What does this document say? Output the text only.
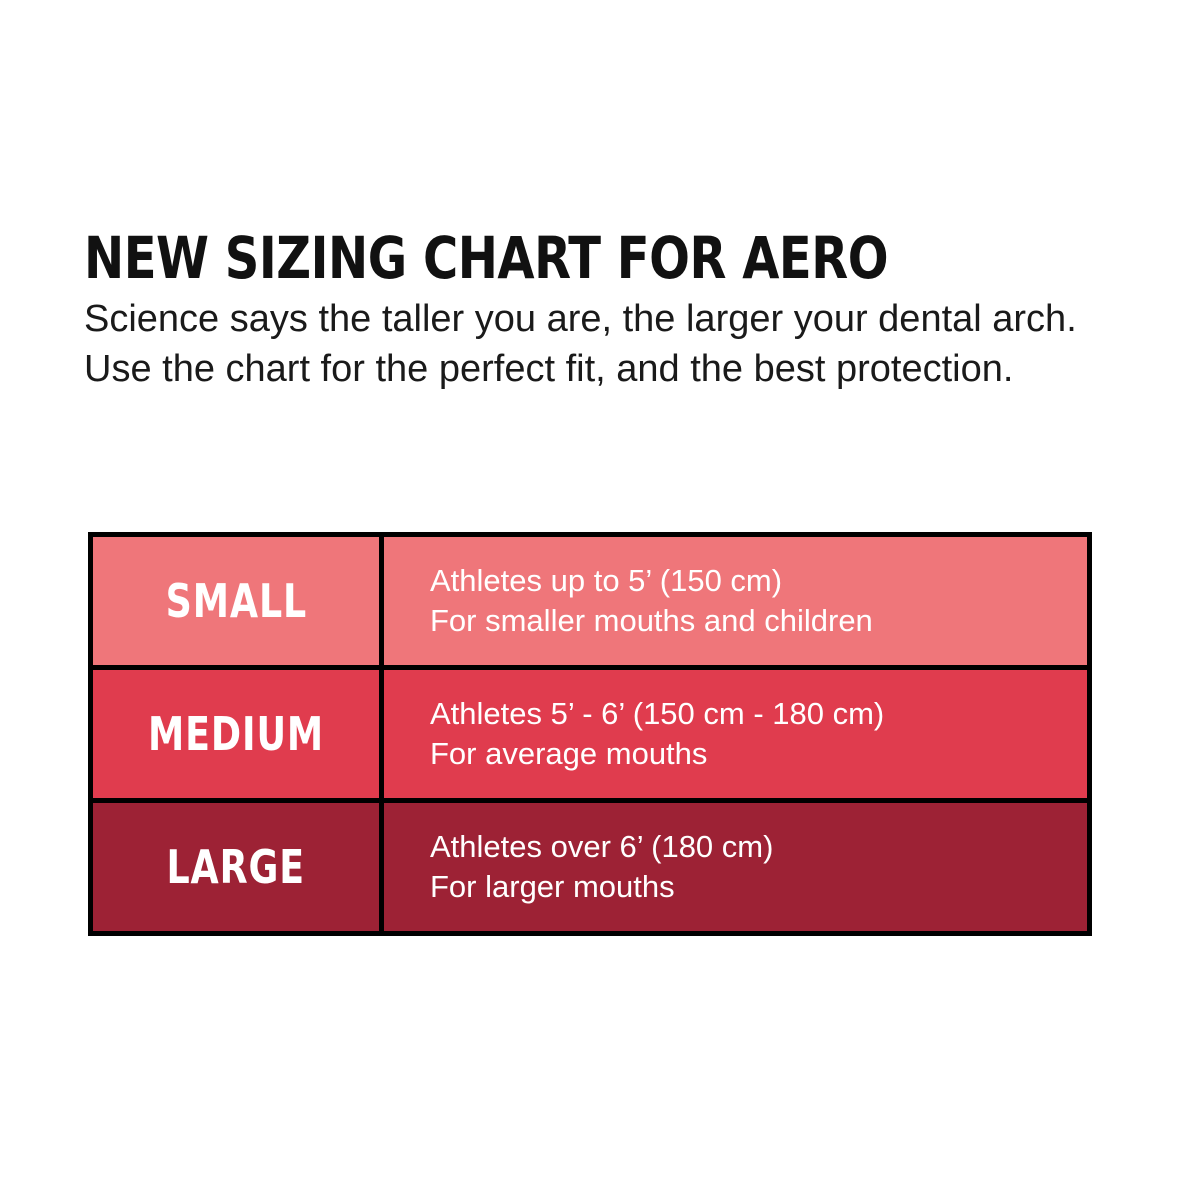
NEW SIZING CHART FOR AERO

Science says the taller you are, the larger your dental arch. Use the chart for the perfect fit, and the best protection.

SMALL	Athletes up to 5’ (150 cm)
For smaller mouths and children
MEDIUM	Athletes 5’ - 6’ (150 cm - 180 cm)
For average mouths
LARGE	Athletes over 6’ (180 cm)
For larger mouths
